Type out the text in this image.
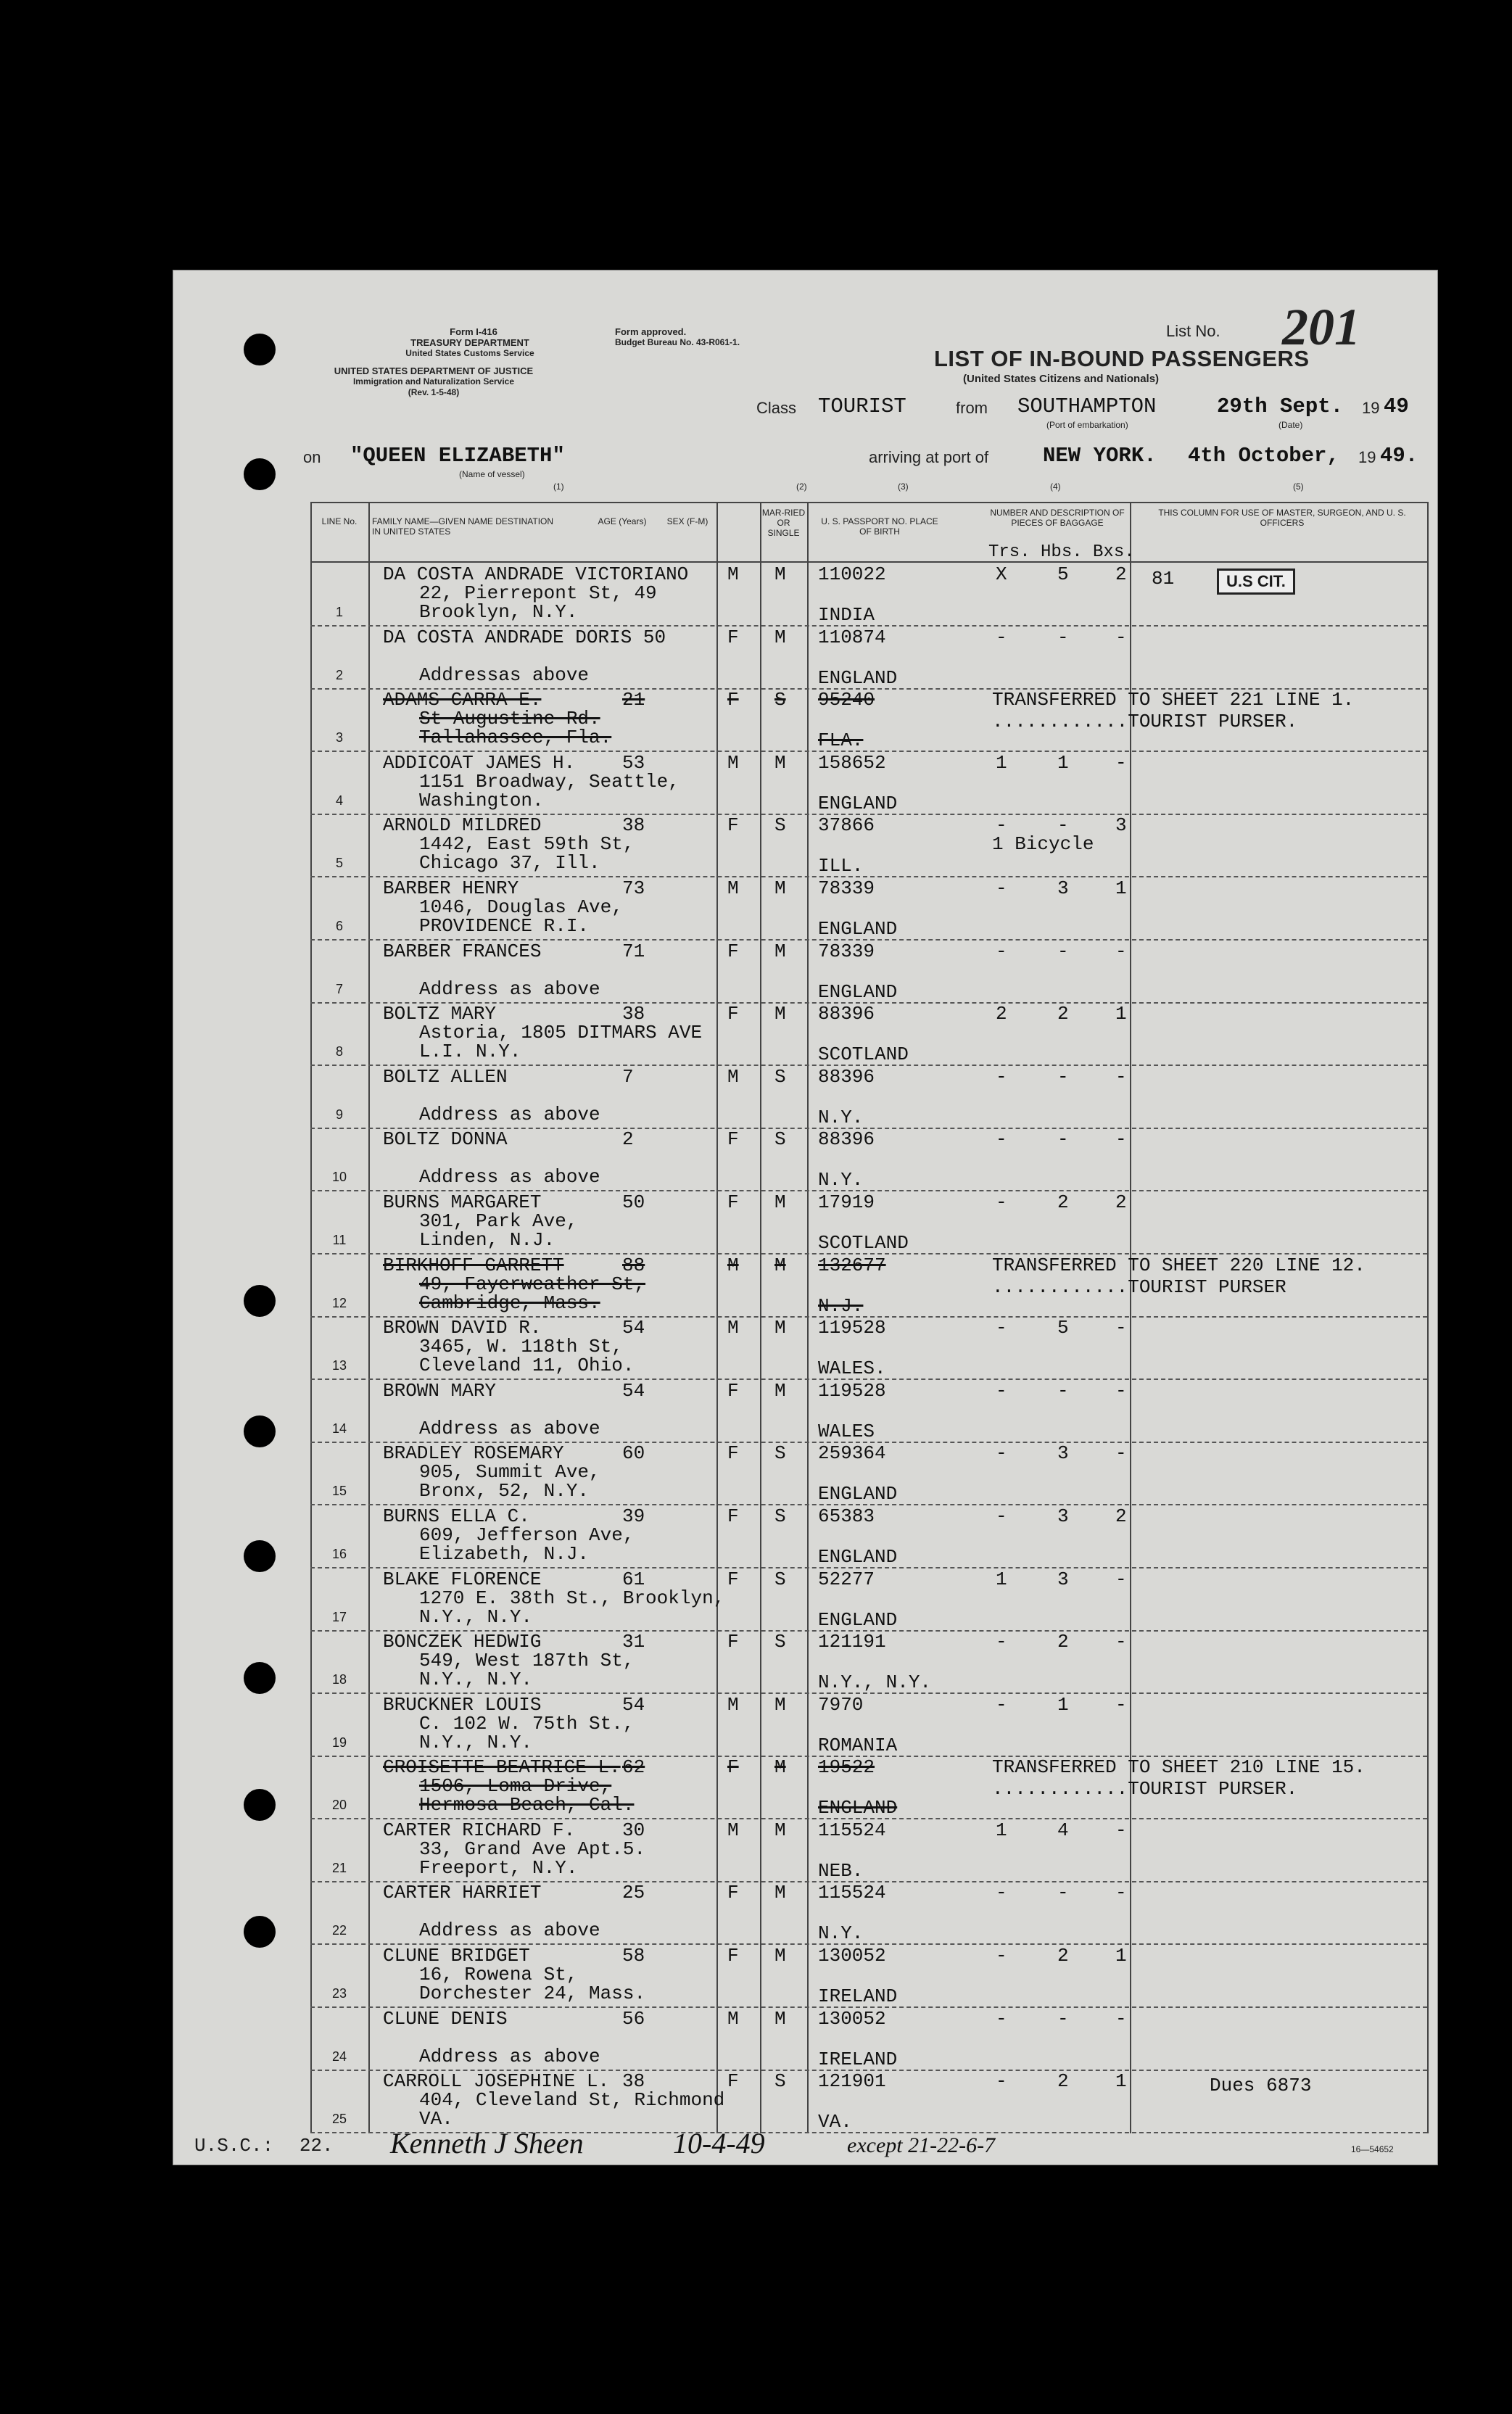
Form I-416
TREASURY DEPARTMENT
United States Customs Service
UNITED STATES DEPARTMENT OF JUSTICE
Immigration and Naturalization Service
(Rev. 1-5-48)
Form approved.
Budget Bureau No. 43-R061-1.
List No. 201
LIST OF IN-BOUND PASSENGERS
(United States Citizens and Nationals)
Class TOURIST	from SOUTHAMPTON
(Port of embarkation)
29th Sept. 19 49
(Date)
on "QUEEN ELIZABETH"
(Name of vessel)
arriving at port of	NEW YORK. 4th October, 19 49.
(1)	(2)	(3)	(4)	(5)
LINE No.	FAMILY NAME—GIVEN NAME DESTINATION IN UNITED STATES
AGE (Years)	SEX (F-M)
MAR-RIED OR SINGLE
U. S. PASSPORT NO. PLACE OF BIRTH
NUMBER AND DESCRIPTION OF PIECES OF BAGGAGE
Trs. Hbs. Bxs.
THIS COLUMN FOR USE OF MASTER, SURGEON, AND U. S. OFFICERS
1
DA COSTA ANDRADE VICTORIANO
22, Pierrepont St, 49
Brooklyn, N.Y.
M M 110022
INDIA
X	5 2 81	U.S CIT.
2
DA COSTA ANDRADE DORIS 50
Addressas above
F M 110874
ENGLAND
-	- -
3
ADAMS CARRA E.
St Augustine Rd.
Tallahassee, Fla.
21	F S 95240
FLA.
TRANSFERRED TO SHEET 221 LINE 1.
............TOURIST PURSER.
4
ADDICOAT JAMES H.
1151 Broadway, Seattle,
Washington.
53	M M 158652
ENGLAND
1	1 -
5
ARNOLD MILDRED
1442, East 59th St,
Chicago 37, Ill.
38	F S 37866
ILL.
-	- 3
1 Bicycle
6
BARBER HENRY
1046, Douglas Ave,
PROVIDENCE R.I.
73	M M 78339
ENGLAND
-	3 1
7
BARBER FRANCES
Address as above
71	F M 78339
ENGLAND
-	- -
8
BOLTZ MARY
Astoria, 1805 DITMARS AVE
L.I. N.Y.
38	F M 88396
SCOTLAND
2	2 1
9
BOLTZ ALLEN
Address as above
7	M S 88396
N.Y.
-	- -
10
BOLTZ DONNA
Address as above
2	F S 88396
N.Y.
-	- -
11
BURNS MARGARET
301, Park Ave,
Linden, N.J.
50	F M 17919
SCOTLAND
-	2 2
12
BIRKHOFF GARRETT
49, Fayerweather St,
Cambridge, Mass.
88	M M 132677
N.J.
TRANSFERRED TO SHEET 220 LINE 12.
............TOURIST PURSER
13
BROWN DAVID R.
3465, W. 118th St,
Cleveland 11, Ohio.
54	M M 119528
WALES.
-	5 -
14
BROWN MARY
Address as above
54	F M 119528
WALES
-	- -
15
BRADLEY ROSEMARY
905, Summit Ave,
Bronx, 52, N.Y.
60	F S 259364
ENGLAND
-	3 -
16
BURNS ELLA C.
609, Jefferson Ave,
Elizabeth, N.J.
39	F S 65383
ENGLAND
-	3 2
17
BLAKE FLORENCE
1270 E. 38th St., Brooklyn,
N.Y., N.Y.
61	F S 52277
ENGLAND
1	3 -
18
BONCZEK HEDWIG
549, West 187th St,
N.Y., N.Y.
31	F S 121191
N.Y., N.Y.
-	2 -
19
BRUCKNER LOUIS
C. 102 W. 75th St.,
N.Y., N.Y.
54	M M 7970
ROMANIA
-	1 -
20
CROISETTE BEATRICE L.
1506, Loma Drive,
Hermosa Beach, Cal.
62	F M 19522
ENGLAND
TRANSFERRED TO SHEET 210 LINE 15.
............TOURIST PURSER.
21
CARTER RICHARD F.
33, Grand Ave Apt.5.
Freeport, N.Y.
30	M M 115524
NEB.
1	4 -
22
CARTER HARRIET
Address as above
25	F M 115524
N.Y.
-	- -
23
CLUNE BRIDGET
16, Rowena St,
Dorchester 24, Mass.
58	F M 130052
IRELAND
-	2 1
24
CLUNE DENIS
Address as above
56	M M 130052
IRELAND
-	- -
25
CARROLL JOSEPHINE L.
404, Cleveland St, Richmond
VA.
38	F S 121901
VA.
-	2 1	Dues 6873
U.S.C.: 22. Kenneth J Sheen	10-4-49	except 21-22-6-7	16—54652
